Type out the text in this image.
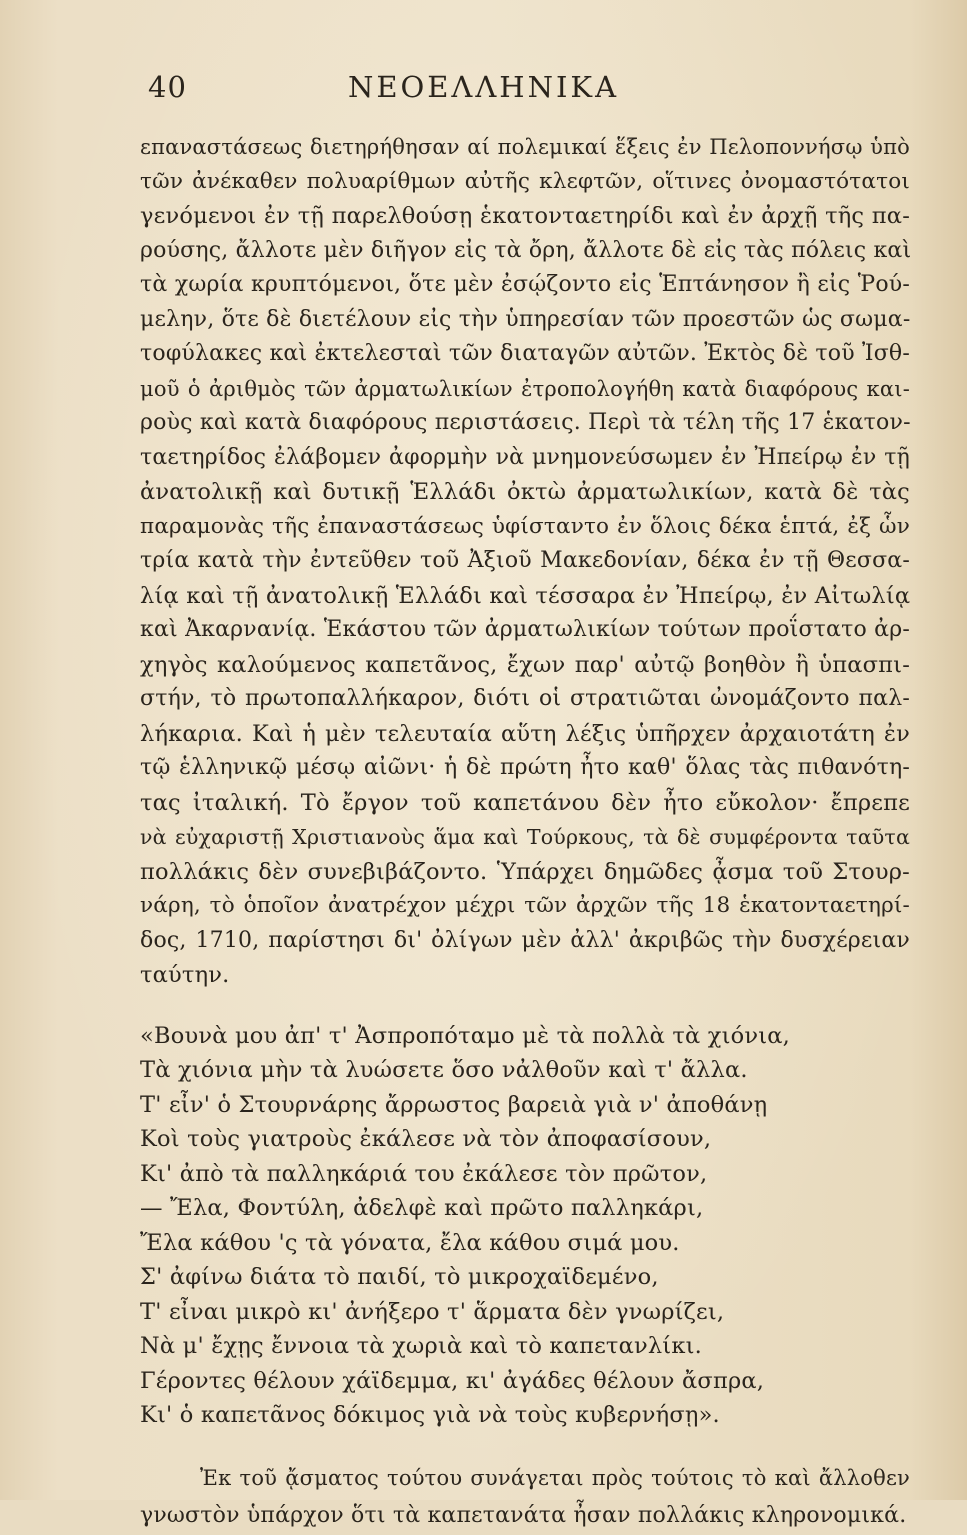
40	ΝΕΟΕΛΛΗΝΙΚΑ
επαναστάσεως διετηρήθησαν αί πολεμικαί ἕξεις ἐν Πελοποννήσῳ ὑπὸ
τῶν ἀνέκαθεν πολυαρίθμων αὐτῆς κλεφτῶν, οἵτινες ὀνομαστότατοι
γενόμενοι ἐν τῇ παρελθούσῃ ἑκατονταετηρίδι καὶ ἐν ἀρχῇ τῆς πα-
ρούσης, ἄλλοτε μὲν διῆγον εἰς τὰ ὄρη, ἄλλοτε δὲ εἰς τὰς πόλεις καὶ
τὰ χωρία κρυπτόμενοι, ὅτε μὲν ἐσῴζοντο εἰς Ἑπτάνησον ἢ εἰς Ῥού-
μελην, ὅτε δὲ διετέλουν εἰς τὴν ὑπηρεσίαν τῶν προεστῶν ὡς σωμα-
τοφύλακες καὶ ἐκτελεσταὶ τῶν διαταγῶν αὐτῶν. Ἐκτὸς δὲ τοῦ Ἰσθ-
μοῦ ὁ ἀριθμὸς τῶν ἀρματωλικίων ἐτροπολογήθη κατὰ διαφόρους και-
ροὺς καὶ κατὰ διαφόρους περιστάσεις. Περὶ τὰ τέλη τῆς 17 ἑκατον-
ταετηρίδος ἐλάβομεν ἀφορμὴν νὰ μνημονεύσωμεν ἐν Ἠπείρῳ ἐν τῇ
ἀνατολικῇ καὶ δυτικῇ Ἑλλάδι ὀκτὼ ἀρματωλικίων, κατὰ δὲ τὰς
παραμονὰς τῆς ἐπαναστάσεως ὑφίσταντο ἐν ὅλοις δέκα ἑπτά, ἐξ ὧν
τρία κατὰ τὴν ἐντεῦθεν τοῦ Ἀξιοῦ Μακεδονίαν, δέκα ἐν τῇ Θεσσα-
λίᾳ καὶ τῇ ἀνατολικῇ Ἑλλάδι καὶ τέσσαρα ἐν Ἠπείρῳ, ἐν Αἰτωλίᾳ
καὶ Ἀκαρνανίᾳ. Ἑκάστου τῶν ἀρματωλικίων τούτων προΐστατο ἀρ-
χηγὸς καλούμενος καπετᾶνος, ἔχων παρ' αὐτῷ βοηθὸν ἢ ὑπασπι-
στήν, τὸ πρωτοπαλλήκαρον, διότι οἱ στρατιῶται ὠνομάζοντο παλ-
λήκαρια. Καὶ ἡ μὲν τελευταία αὕτη λέξις ὑπῆρχεν ἀρχαιοτάτη ἐν
τῷ ἑλληνικῷ μέσῳ αἰῶνι· ἡ δὲ πρώτη ἦτο καθ' ὅλας τὰς πιθανότη-
τας ἰταλική. Τὸ ἔργον τοῦ καπετάνου δὲν ἦτο εὔκολον· ἔπρεπε
νὰ εὐχαριστῇ Χριστιανοὺς ἅμα καὶ Τούρκους, τὰ δὲ συμφέροντα ταῦτα
πολλάκις δὲν συνεβιβάζοντο. Ὑπάρχει δημῶδες ᾆσμα τοῦ Στουρ-
νάρη, τὸ ὁποῖον ἀνατρέχον μέχρι τῶν ἀρχῶν τῆς 18 ἑκατονταετηρί-
δος, 1710, παρίστησι δι' ὀλίγων μὲν ἀλλ' ἀκριβῶς τὴν δυσχέρειαν
ταύτην.
«Βουνὰ μου ἀπ' τ' Ἀσπροπόταμο μὲ τὰ πολλὰ τὰ χιόνια,
Τὰ χιόνια μὴν τὰ λυώσετε ὅσο νἀλθοῦν καὶ τ' ἄλλα.
Τ' εἶν' ὁ Στουρνάρης ἄρρωστος βαρειὰ γιὰ ν' ἀποθάνῃ
Κοὶ τοὺς γιατροὺς ἐκάλεσε νὰ τὸν ἀποφασίσουν,
Κι' ἀπὸ τὰ παλληκάριά του ἐκάλεσε τὸν πρῶτον,
— Ἔλα, Φοντύλη, ἀδελφὲ καὶ πρῶτο παλληκάρι,
Ἔλα κάθου 'ς τὰ γόνατα, ἔλα κάθου σιμά μου.
Σ' ἀφίνω διάτα τὸ παιδί, τὸ μικροχαϊδεμένο,
Τ' εἶναι μικρὸ κι' ἀνήξερο τ' ἅρματα δὲν γνωρίζει,
Νὰ μ' ἔχῃς ἔννοια τὰ χωριὰ καὶ τὸ καπετανλίκι.
Γέροντες θέλουν χάϊδεμμα, κι' ἀγάδες θέλουν ἄσπρα,
Κι' ὁ καπετᾶνος δόκιμος γιὰ νὰ τοὺς κυβερνήσῃ».
Ἐκ τοῦ ᾄσματος τούτου συνάγεται πρὸς τούτοις τὸ καὶ ἄλλοθεν
γνωστὸν ὑπάρχον ὅτι τὰ καπετανάτα ἦσαν πολλάκις κληρονομικά.
